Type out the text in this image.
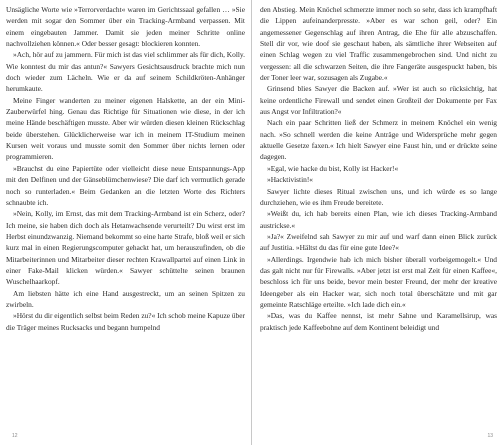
Unsägliche Worte wie »Terrorverdacht« waren im Gerichtssaal gefallen … »Sie werden mit sogar den Sommer über ein Tracking-Armband verpassen. Mit einem eingebauten Jammer. Damit sie jeden meiner Schritte online nachvollziehen können.« Oder besser gesagt: blockieren konnten.

»Ach, hör auf zu jammern. Für mich ist das viel schlimmer als für dich, Kolly. Wie konntest du mir das antun?« Sawyers Gesichtsausdruck brachte mich nun doch wieder zum Lächeln. Wie er da auf seinem Schildkröten-Anhänger herumkaute.

Meine Finger wanderten zu meiner eigenen Halskette, an der ein Mini-Zauberwürfel hing. Genau das Richtige für Situationen wie diese, in der ich meine Hände beschäftigen musste. Aber wir würden diesen kleinen Rückschlag beide überstehen. Glücklicherweise war ich in meinem IT-Studium meinen Kursen weit voraus und musste somit den Sommer über nichts lernen oder programmieren.

»Brauchst du eine Papiertüte oder vielleicht diese neue Entspannungs-App mit den Delfinen und der Gänseblümchenwiese? Die darf ich vermutlich gerade noch so runterladen.« Beim Gedanken an die letzten Worte des Richters schnaubte ich.

»Nein, Kolly, im Ernst, das mit dem Tracking-Armband ist ein Scherz, oder? Ich meine, sie haben dich doch als Hetanwachsende verurteilt? Du wirst erst im Herbst einundzwanzig. Niemand bekommt so eine harte Strafe, bloß weil er sich kurz mal in einen Regierungscomputer gehackt hat, um herauszufinden, ob die Mitarbeiterinnen und Mitarbeiter dieser rechten Krawallpartei auf einen Link in einer Fake-Mail klicken würden.« Sawyer schüttelte seinen braunen Wuschelhaarkopf.

Am liebsten hätte ich eine Hand ausgestreckt, um an seinen Spitzen zu zwirbeln.

»Hörst du dir eigentlich selbst beim Reden zu?« Ich schob meine Kapuze über die Träger meines Rucksacks und begann humpelnd

12

den Abstieg. Mein Knöchel schmerzte immer noch so sehr, dass ich krampfhaft die Lippen aufeinanderpresste. »Aber es war schon geil, oder? Ein angemessener Gegenschlag auf ihren Antrag, die Ehe für alle abzuschaffen. Stell dir vor, wie doof sie geschaut haben, als sämtliche ihrer Webseiten auf einen Schlag wegen zu viel Traffic zusammengebrochen sind. Und nicht zu vergessen: all die schwarzen Seiten, die ihre Fangeräte ausgespuckt haben, bis der Toner leer war, sozusagen als Zugabe.«

Grinsend blies Sawyer die Backen auf. »Wer ist auch so rücksichtig, hat keine ordentliche Firewall und sendet einen Großteil der Dokumente per Fax aus Angst vor Infiltration?«

Nach ein paar Schritten ließ der Schmerz in meinem Knöchel ein wenig nach. »So schnell werden die keine Anträge und Widersprüche mehr gegen aktuelle Gesetze faxen.« Ich hielt Sawyer eine Faust hin, und er drückte seine dagegen.

»Egal, wie hacke du bist, Kolly ist Hacker!«

»Hacktivistin!«

Sawyer lichte dieses Ritual zwischen uns, und ich würde es so lange durchziehen, wie es ihm Freude bereitete.

»Weißt du, ich hab bereits einen Plan, wie ich dieses Tracking-Armband austrickse.«

»Ja?« Zweifelnd sah Sawyer zu mir auf und warf dann einen Blick zurück auf Justitia. »Hältst du das für eine gute Idee?«

»Allerdings. Irgendwie hab ich mich bisher überall vorbeigemogelt.« Und das galt nicht nur für Firewalls. »Aber jetzt ist erst mal Zeit für einen Kaffee«, beschloss ich für uns beide, bevor mein bester Freund, der mehr der kreative Ideengeber als ein Hacker war, sich noch total überschätzte und mit gar gemeinte Ratschläge erteilte. »Ich lade dich ein.«

»Das, was du Kaffee nennst, ist mehr Sahne und Karamellsirup, was praktisch jede Kaffeebohne auf dem Kontinent beleidigt und

13
